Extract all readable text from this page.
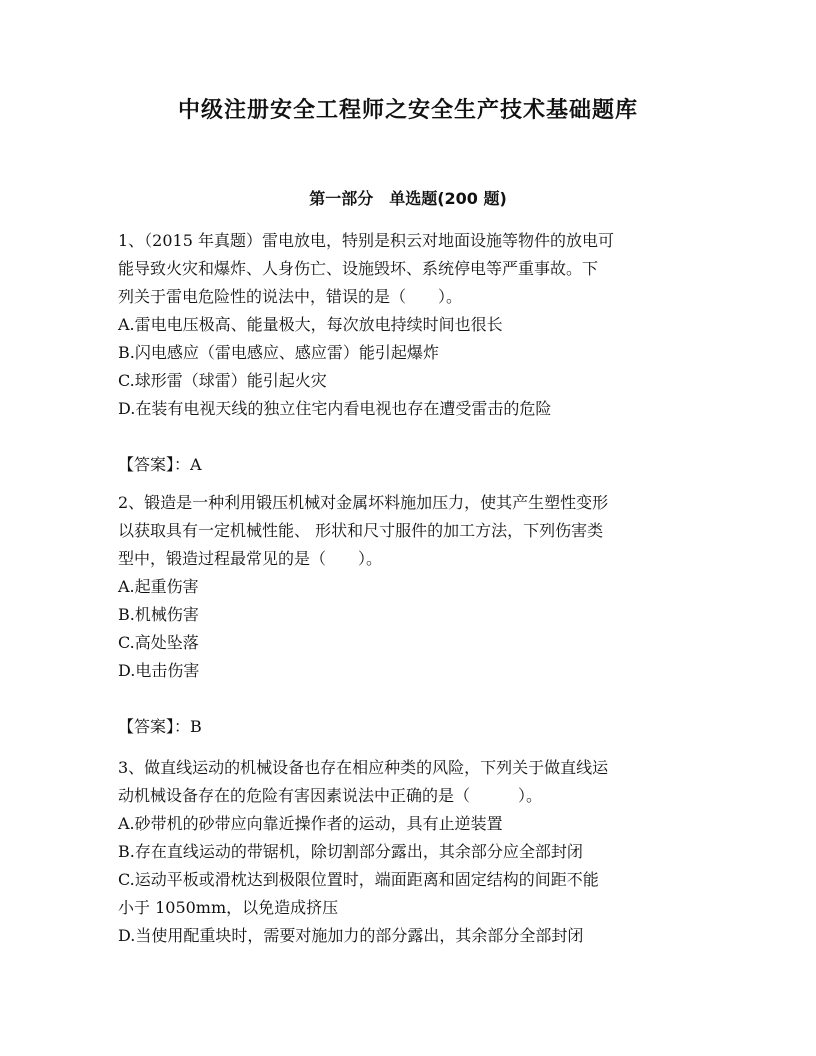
中级注册安全工程师之安全生产技术基础题库
第一部分　单选题(200 题)
1、（2015 年真题）雷电放电，特别是积云对地面设施等物件的放电可
能导致火灾和爆炸、人身伤亡、设施毁坏、系统停电等严重事故。下
列关于雷电危险性的说法中，错误的是（　　）。
A.雷电电压极高、能量极大，每次放电持续时间也很长
B.闪电感应（雷电感应、感应雷）能引起爆炸
C.球形雷（球雷）能引起火灾
D.在装有电视天线的独立住宅内看电视也存在遭受雷击的危险
【答案】：A
2、锻造是一种利用锻压机械对金属坏料施加压力，使其产生塑性变形
以获取具有一定机械性能、 形状和尺寸服件的加工方法，下列伤害类
型中，锻造过程最常见的是（　　）。
A.起重伤害
B.机械伤害
C.高处坠落
D.电击伤害
【答案】：B
3、做直线运动的机械设备也存在相应种类的风险，下列关于做直线运
动机械设备存在的危险有害因素说法中正确的是（　　　）。
A.砂带机的砂带应向靠近操作者的运动，具有止逆装置
B.存在直线运动的带锯机，除切割部分露出，其余部分应全部封闭
C.运动平板或滑枕达到极限位置时，端面距离和固定结构的间距不能
小于 1050mm，以免造成挤压
D.当使用配重块时，需要对施加力的部分露出，其余部分全部封闭
